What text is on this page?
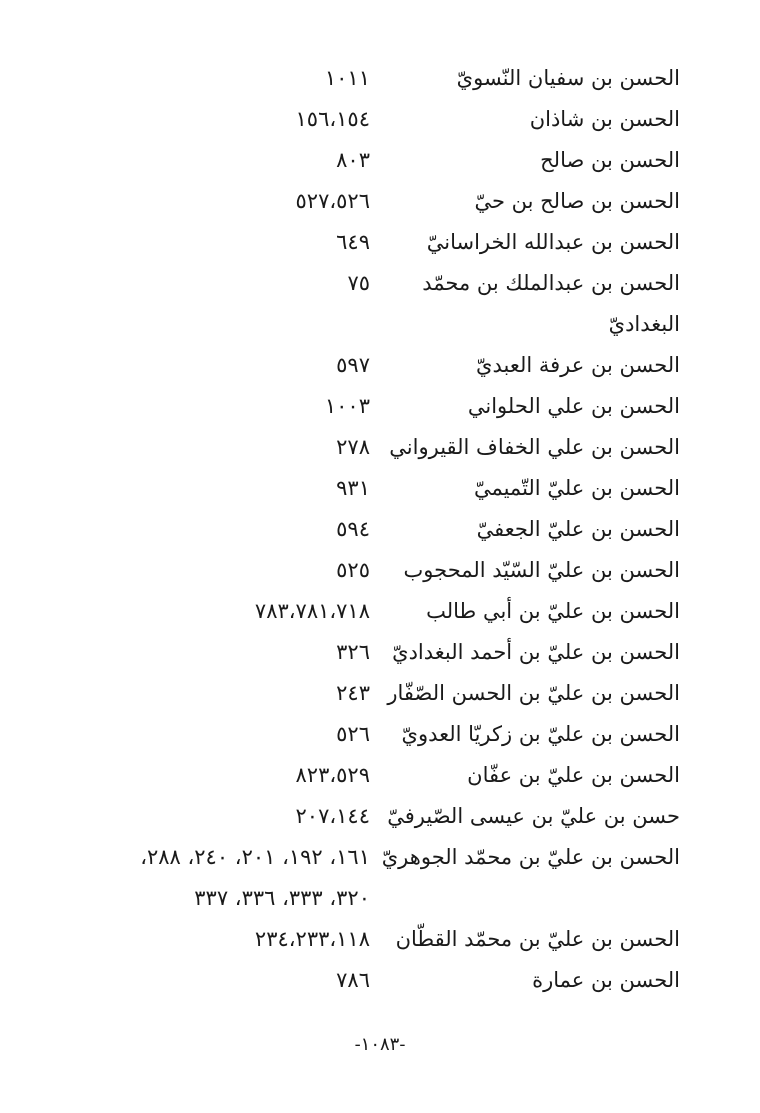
الحسن بن سفيان النّسويّ
١٠١١
الحسن بن شاذان
١٥٦،١٥٤
الحسن بن صالح
٨٠٣
الحسن بن صالح بن حيّ
٥٢٧،٥٢٦
الحسن بن عبدالله الخراسانيّ
٦٤٩
الحسن بن عبدالملك بن محمّد البغداديّ
٧٥
الحسن بن عرفة العبديّ
٥٩٧
الحسن بن علي الحلواني
١٠٠٣
الحسن بن علي الخفاف القيرواني
٢٧٨
الحسن بن عليّ التّميميّ
٩٣١
الحسن بن عليّ الجعفيّ
٥٩٤
الحسن بن عليّ السّيّد المحجوب
٥٢٥
الحسن بن عليّ بن أبي طالب
٧٨٣،٧٨١،٧١٨
الحسن بن عليّ بن أحمد البغداديّ
٣٢٦
الحسن بن عليّ بن الحسن الصّفّار
٢٤٣
الحسن بن عليّ بن زكريّا العدويّ
٥٢٦
الحسن بن عليّ بن عفّان
٨٢٣،٥٢٩
حسن بن عليّ بن عيسى الصّيرفيّ
٢٠٧،١٤٤
الحسن بن عليّ بن محمّد الجوهريّ
١٦١، ١٩٢، ٢٠١، ٢٤٠، ٢٨٨، ٣٢٠، ٣٣٣، ٣٣٦، ٣٣٧
الحسن بن عليّ بن محمّد القطّان
٢٣٤،٢٣٣،١١٨
الحسن بن عمارة
٧٨٦
-١٠٨٣-
